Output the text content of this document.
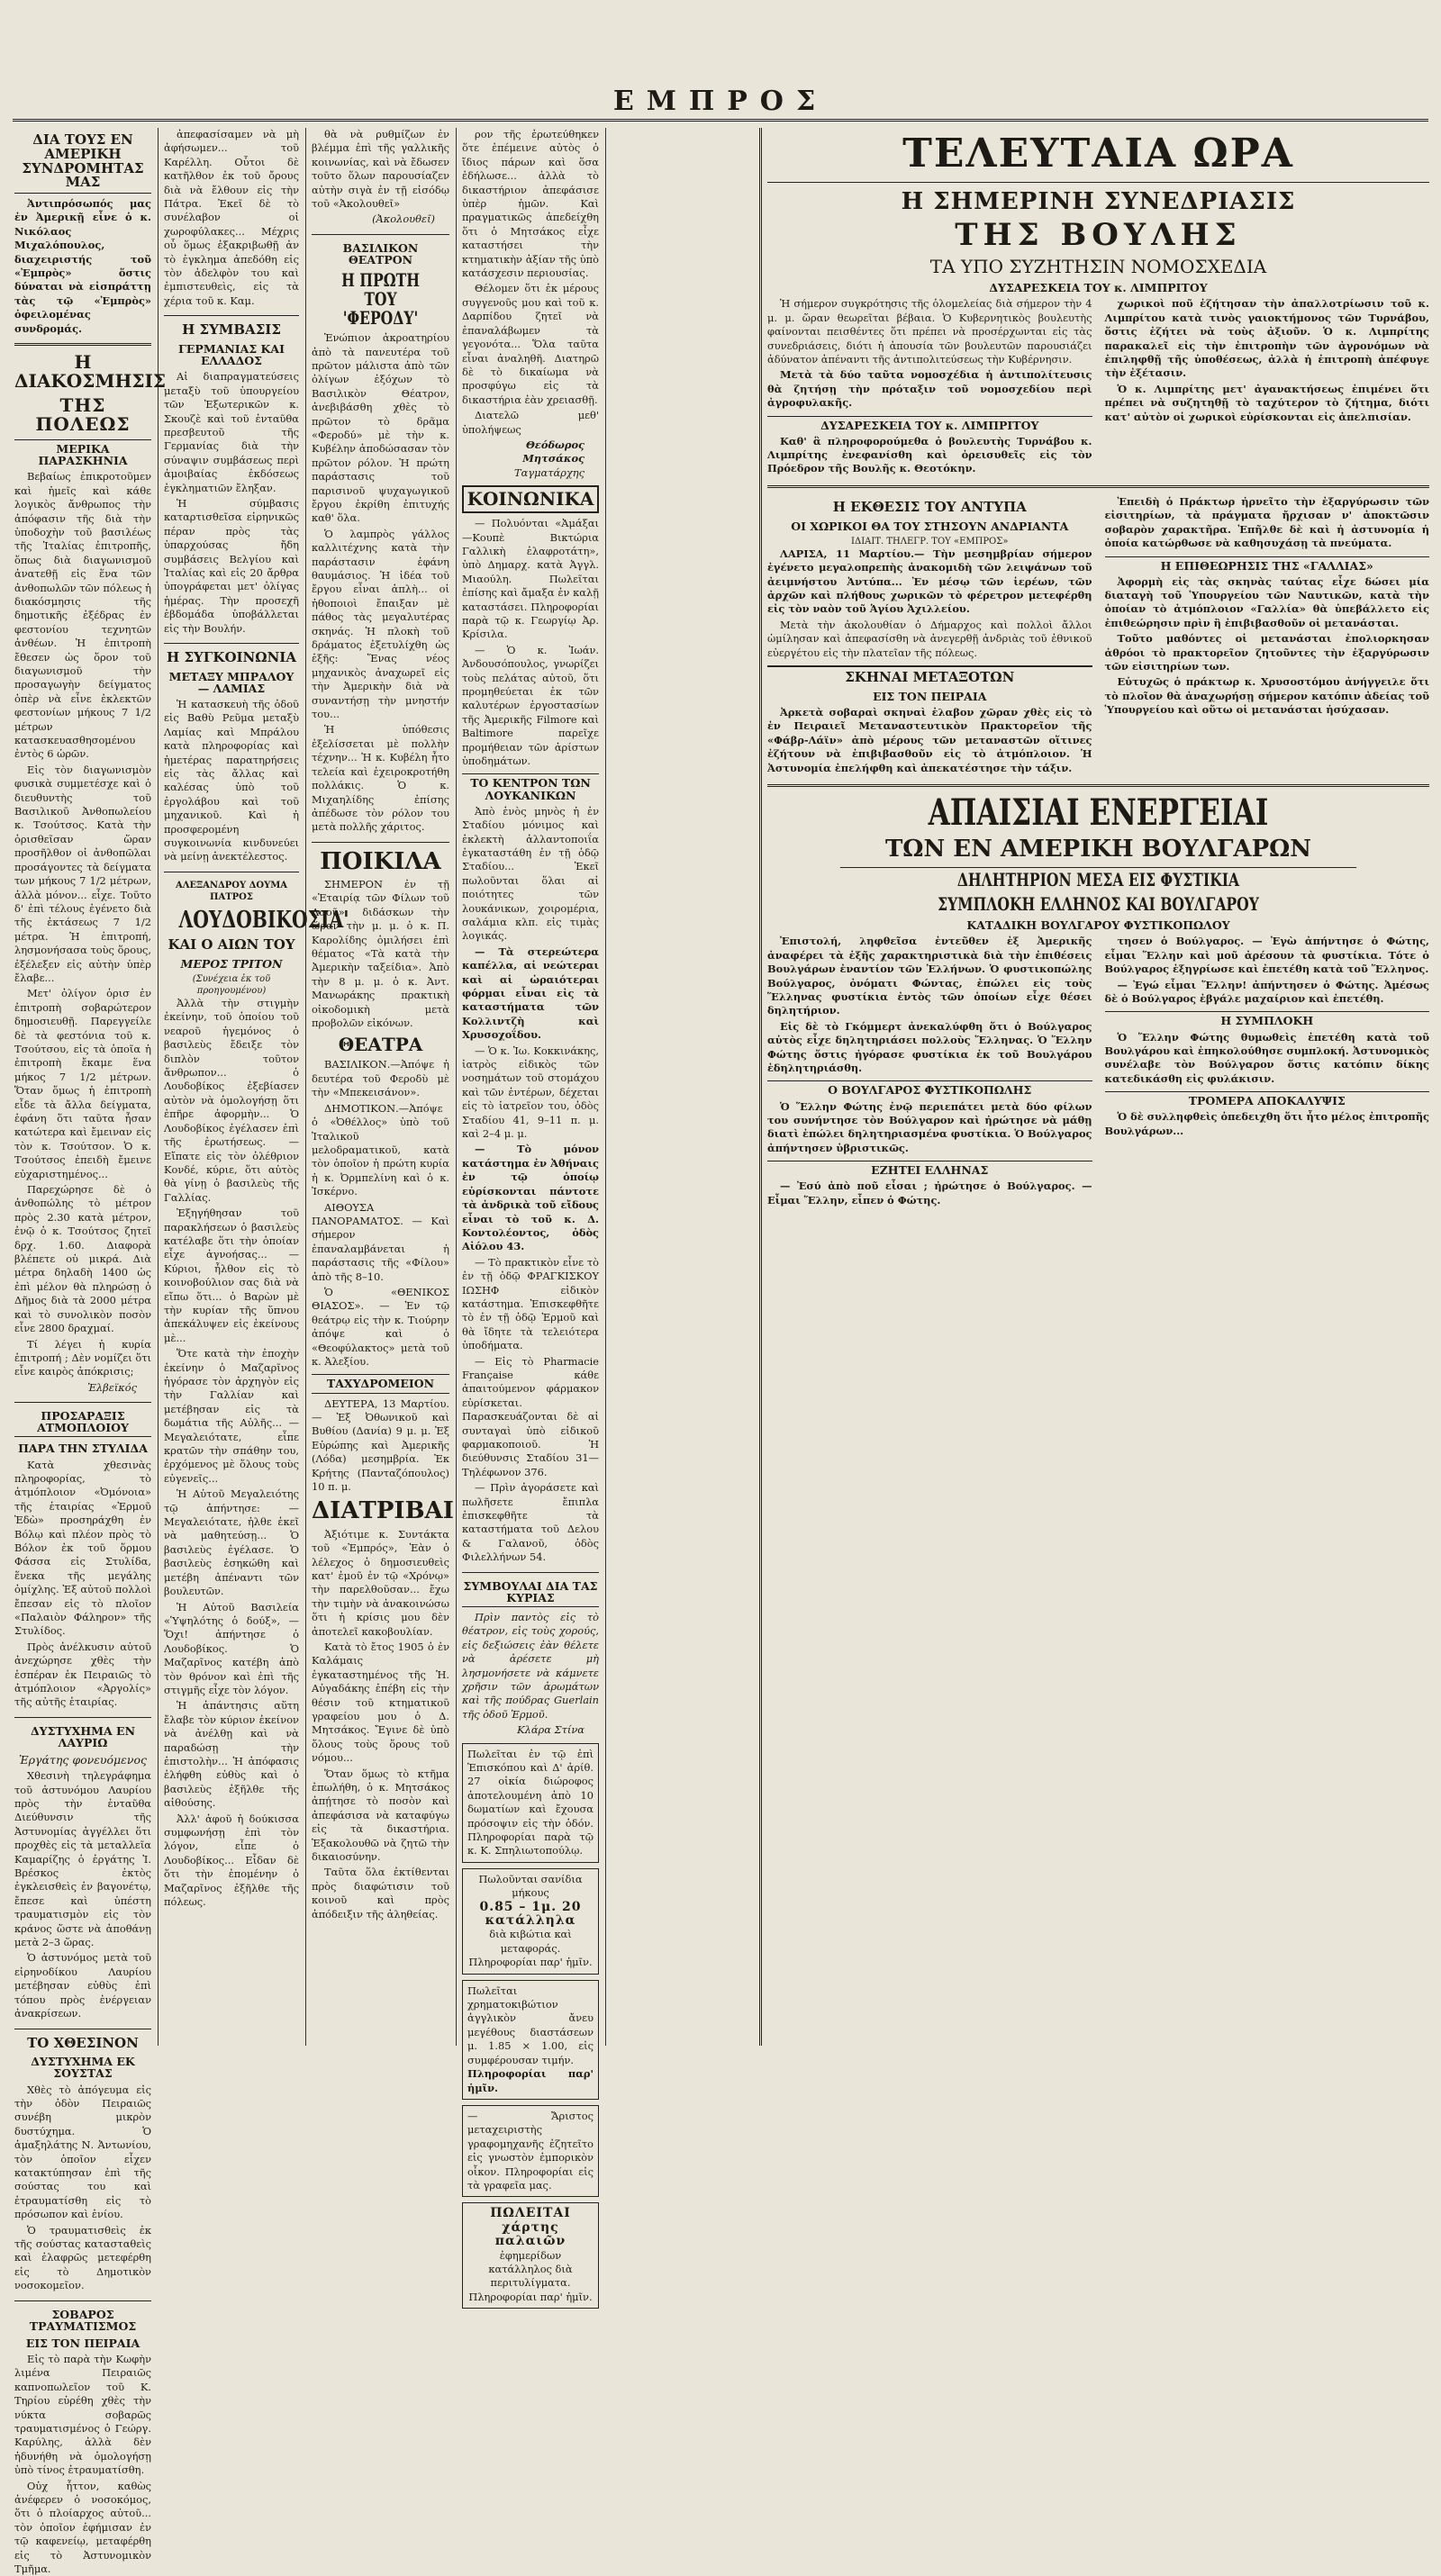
ΕΜΠΡΟΣ
ΔΙΑ ΤΟΥΣ ΕΝ ΑΜΕΡΙΚΗ ΣΥΝΔΡΟΜΗΤΑΣ ΜΑΣ
Ἀντιπρόσωπός μας ἐν Ἀμερικῇ εἶνε ὁ κ. Νικόλαος Μιχαλόπουλος, διαχειριστής τοῦ «Ἐμπρὸς» ὅστις δύναται νὰ εἰσπράττῃ τὰς τῷ «Ἐμπρὸς» ὀφειλομένας συνδρομάς.
Η ΔΙΑΚΟΣΜΗΣΙΣ
ΤΗΣ ΠΟΛΕΩΣ
ΜΕΡΙΚΑ ΠΑΡΑΣΚΗΝΙΑ
Βεβαίως ἐπικροτοῦμεν καὶ ἡμεῖς καὶ κάθε λογικὸς ἄνθρωπος τὴν ἀπόφασιν τῆς διὰ τὴν ὑποδοχὴν τοῦ βασιλέως τῆς Ἰταλίας ἐπιτροπῆς, ὅπως διὰ διαγωνισμοῦ ἀνατεθῇ εἰς ἕνα τῶν ἀνθοπωλῶν τῶν πόλεως ἡ διακόσμησις τῆς δημοτικῆς ἐξέδρας ἐν φεστονίου τεχνητῶν ἀνθέων. Ἡ ἐπιτροπὴ ἔθεσεν ὡς ὅρον τοῦ διαγωνισμοῦ τὴν προσαγωγὴν δείγματος ὁπὲρ νὰ εἶνε ἐκλεκτῶν φεστονίων μήκους 7 1/2 μέτρων κατασκευασθησομένου ἐντὸς 6 ὡρῶν.
Εἰς τὸν διαγωνισμὸν φυσικὰ συμμετέσχε καὶ ὁ διευθυντὴς τοῦ Βασιλικοῦ Ἀνθοπωλείου κ. Τσούτσος. Κατὰ τὴν ὁρισθεῖσαν ὥραν προσῆλθον οἱ ἀνθοπῶλαι προσάγοντες τὰ δείγματα των μήκους 7 1/2 μέτρων, ἀλλὰ μόνον... εἶχε. Τοῦτο δ' ἐπὶ τέλους ἐγένετο διὰ τῆς ἐκτάσεως 7 1/2 μέτρα. Ἡ ἐπιτροπή, λησμονήσασα τοὺς ὅρους, ἐξέλεξεν εἰς αὐτὴν ὑπὲρ ἔλαβε...
Μετ' ὀλίγον ὁρισ ἐν ἐπιτροπὴ σοβαρώτερον δημοσιευθῇ. Παρεγγείλε δὲ τὰ φεστόνια τοῦ κ. Τσούτσου, εἰς τὰ ὁποῖα ἡ ἐπιτροπὴ ἔκαμε ἕνα μήκος 7 1/2 μέτρων. Ὅταν ὅμως ἡ ἐπιτροπὴ εἶδε τὰ ἄλλα δείγματα, ἐφάνη ὅτι ταῦτα ἦσαν κατώτερα καὶ ἔμειναν εἰς τὸν κ. Τσούτσον. Ὁ κ. Τσούτσος ἐπειδὴ ἔμεινε εὐχαριστημένος...
Παρεχώρησε δὲ ὁ ἀνθοπώλης τὸ μέτρον πρὸς 2.30 κατὰ μέτρον, ἐνῷ ὁ κ. Τσούτσος ζητεῖ δρχ. 1.60. Διαφορὰ βλέπετε οὐ μικρά. Διὰ μέτρα δηλαδὴ 1400 ὡς ἐπὶ μέλον θὰ πληρώσῃ ὁ Δῆμος διὰ τὰ 2000 μέτρα καὶ τὸ συνολικὸν ποσὸν εἶνε 2800 δραχμαί.
Τί λέγει ἡ κυρία ἐπιτροπή ; Δὲν νομίζει ὅτι εἶνε καιρὸς ἀπόκρισις;
Ἐλβεϊκός
ΠΡΟΣΑΡΑΞΙΣ ΑΤΜΟΠΛΟΙΟΥ
ΠΑΡΑ ΤΗΝ ΣΤΥΛΙΔΑ
Κατὰ χθεσινὰς πληροφορίας, τὸ ἀτμόπλοιον «Ὀμόνοια» τῆς ἑταιρίας «Ἑρμοῦ Ἐδὼ» προσηράχθη ἐν Βόλῳ καὶ πλέον πρὸς τὸ Βόλον ἐκ τοῦ ὅρμου Φάσσα εἰς Στυλίδα, ἕνεκα τῆς μεγάλης ὁμίχλης. Ἐξ αὐτοῦ πολλοὶ ἔπεσαν εἰς τὸ πλοῖον «Παλαιὸν Φάληρον» τῆς Στυλίδος.
Πρὸς ἀνέλκυσιν αὐτοῦ ἀνεχώρησε χθὲς τὴν ἑσπέραν ἐκ Πειραιῶς τὸ ἀτμόπλοιον «Ἀργολίς» τῆς αὐτῆς ἑταιρίας.
ΔΥΣΤΥΧΗΜΑ ΕΝ ΛΑΥΡΙΩ
Ἐργάτης φονευόμενος
Χθεσινὴ τηλεγράφημα τοῦ ἀστυνόμου Λαυρίου πρὸς τὴν ἐνταῦθα Διεύθυνσιν τῆς Ἀστυνομίας ἀγγέλλει ὅτι προχθὲς εἰς τὰ μεταλλεῖα Καμαρίζης ὁ ἐργάτης Ἰ. Βρέσκος ἐκτὸς ἐγκλεισθεὶς ἐν βαγονέτῳ, ἔπεσε καὶ ὑπέστη τραυματισμὸν εἰς τὸν κράνος ὥστε νὰ ἀποθάνῃ μετὰ 2–3 ὥρας.
Ὁ ἀστυνόμος μετὰ τοῦ εἰρηνοδίκου Λαυρίου μετέβησαν εὐθὺς ἐπὶ τόπου πρὸς ἐνέργειαν ἀνακρίσεων.
ΤΟ ΧΘΕΣΙΝΟΝ
ΔΥΣΤΥΧΗΜΑ ΕΚ ΣΟΥΣΤΑΣ
Χθὲς τὸ ἀπόγευμα εἰς τὴν ὁδὸν Πειραιῶς συνέβη μικρὸν δυστύχημα. Ὁ ἁμαξηλάτης Ν. Ἀντωνίου, τὸν ὁποῖον εἶχεν κατακτύπησαν ἐπὶ τῆς σούστας του καὶ ἐτραυματίσθη εἰς τὸ πρόσωπον καὶ ἐνίου.
Ὁ τραυματισθεὶς ἐκ τῆς σούστας κατασταθεὶς καὶ ἐλαφρῶς μετεφέρθη εἰς τὸ Δημοτικὸν νοσοκομεῖον.
ΣΟΒΑΡΟΣ ΤΡΑΥΜΑΤΙΣΜΟΣ
ΕΙΣ ΤΟΝ ΠΕΙΡΑΙΑ
Εἰς τὸ παρὰ τὴν Κωφὴν λιμένα Πειραιῶς καπνοπωλεῖον τοῦ Κ. Τηρίου εὑρέθη χθὲς τὴν νύκτα σοβαρῶς τραυματισμένος ὁ Γεώργ. Καρύλης, ἀλλὰ δὲν ἠδυνήθη νὰ ὁμολογήσῃ ὑπὸ τίνος ἐτραυματίσθη.
Οὐχ ἧττον, καθὼς ἀνέφερεν ὁ νοσοκόμος, ὅτι ὁ πλοίαρχος αὐτοῦ... τὸν ὁποῖον ἐφήμισαν ἐν τῷ καφενείῳ, μεταφέρθη εἰς τὸ Ἀστυνομικὸν Τμῆμα.
ἀπεφασίσαμεν νὰ μὴ ἀφήσωμεν... τοῦ Καρέλλη. Οὗτοι δὲ κατῆλθον ἐκ τοῦ ὄρους διὰ νὰ ἔλθουν εἰς τὴν Πάτρα. Ἐκεῖ δὲ τὸ συνέλαβον οἱ χωροφύλακες... Μέχρις οὗ ὅμως ἐξακριβωθῇ ἀν τὸ ἐγκλημα ἀπεδόθη εἰς τὸν ἀδελφὸν του καὶ ἐμπιστευθεὶς, εἰς τὰ χέρια τοῦ κ. Καμ.
Η ΣΥΜΒΑΣΙΣ
ΓΕΡΜΑΝΙΑΣ ΚΑΙ ΕΛΛΑΔΟΣ
Αἱ διαπραγματεύσεις μεταξὺ τοῦ ὑπουργείου τῶν Ἐξωτερικῶν κ. Σκουζὲ καὶ τοῦ ἐνταῦθα πρεσβευτοῦ τῆς Γερμανίας διὰ τὴν σύναψιν συμβάσεως περὶ ἀμοιβαίας ἐκδόσεως ἐγκληματιῶν ἔληξαν.
Ἡ σύμβασις καταρτισθεῖσα εἰρηνικῶς πέραν πρὸς τὰς ὑπαρχούσας ἤδη συμβάσεις Βελγίου καὶ Ἰταλίας καὶ εἰς 20 ἄρθρα ὑπογράφεται μετ' ὀλίγας ἡμέρας. Τὴν προσεχῆ ἑβδομάδα ὑποβάλλεται εἰς τὴν Βουλήν.
Η ΣΥΓΚΟΙΝΩΝΙΑ
ΜΕΤΑΞΥ ΜΠΡΑΛΟΥ — ΛΑΜΙΑΣ
Ἡ κατασκευὴ τῆς ὁδοῦ εἰς Βαθὺ Ρεῦμα μεταξὺ Λαμίας καὶ Μπράλου κατὰ πληροφορίας καὶ ἡμετέρας παρατηρήσεις εἰς τὰς ἄλλας καὶ καλέσας ὑπὸ τοῦ ἐργολάβου καὶ τοῦ μηχανικοῦ. Καὶ ἡ προσφερομένη συγκοινωνία κινδυνεύει νὰ μείνῃ ἀνεκτέλεστος.
ΑΛΕΞΑΝΔΡΟΥ ΔΟΥΜΑ ΠΑΤΡΟΣ
ΛΟΥΔΟΒΙΚΟΣΙΑ'
ΚΑΙ Ο ΑΙΩΝ ΤΟΥ
ΜΕΡΟΣ ΤΡΙΤΟΝ
(Συνέχεια ἐκ τοῦ προηγουμένου)
Ἀλλὰ τὴν στιγμὴν ἐκείνην, τοῦ ὁποίου τοῦ νεαροῦ ἡγεμόνος ὁ βασιλεὺς ἔδειξε τὸν διπλὸν τοῦτον ἄνθρωπον... ὁ Λουδοβίκος ἐξεβίασεν αὐτὸν νὰ ὁμολογήσῃ ὅτι ἐπῆρε ἀφορμὴν... Ὁ Λουδοβίκος ἐγέλασεν ἐπὶ τῆς ἐρωτήσεως. — Εἴπατε εἰς τὸν ὀλέθριον Κονδέ, κύριε, ὅτι αὐτὸς θὰ γίνῃ ὁ βασιλεὺς τῆς Γαλλίας.
Ἐξηγήθησαν τοῦ παρακλήσεων ὁ βασιλεὺς κατέλαβε ὅτι τὴν ὁποίαν εἶχε ἀγνοήσας... — Κύριοι, ἦλθον εἰς τὸ κοινοβούλιον σας διὰ νὰ εἴπω ὅτι... ὁ Βαρὼν μὲ τὴν κυρίαν τῆς ὕπνου ἀπεκάλυψεν εἰς ἐκείνους μὲ...
Ὅτε κατὰ τὴν ἐποχὴν ἐκείνην ὁ Μαζαρῖνος ἠγόρασε τὸν ἀρχηγὸν εἰς τὴν Γαλλίαν καὶ μετέβησαν εἰς τὰ δωμάτια τῆς Αὐλῆς... — Μεγαλειότατε, εἶπε κρατῶν τὴν σπάθην του, ἐρχόμενος μὲ ὅλους τοὺς εὐγενεῖς...
Ἡ Αὐτοῦ Μεγαλειότης τῷ ἀπήντησε: — Μεγαλειότατε, ἠλθε ἐκεῖ νὰ μαθητεύσῃ... Ὁ βασιλεὺς ἐγέλασε. Ὁ βασιλεὺς ἐσηκώθη καὶ μετέβη ἀπέναντι τῶν βουλευτῶν.
Ἡ Αὐτοῦ Βασιλεία «Ὑψηλότης ὁ δούξ», — Ὅχι! ἀπήντησε ὁ Λουδοβίκος. Ὁ Μαζαρῖνος κατέβη ἀπὸ τὸν θρόνον καὶ ἐπὶ τῆς στιγμῆς εἶχε τὸν λόγον.
Ἡ ἀπάντησις αὕτη ἔλαβε τὸν κύριον ἐκείνον νὰ ἀνέλθῃ καὶ νὰ παραδώσῃ τὴν ἐπιστολὴν... Ἡ ἀπόφασις ἐλήφθη εὐθὺς καὶ ὁ βασιλεὺς ἐξῆλθε τῆς αἰθούσης.
Ἀλλ' ἀφοῦ ἡ δούκισσα συμφωνήσῃ ἐπὶ τὸν λόγον, εἶπε ὁ Λουδοβίκος... Εἶδαν δὲ ὅτι τὴν ἐπομένην ὁ Μαζαρῖνος ἐξῆλθε τῆς πόλεως.
θὰ νὰ ρυθμίζων ἐν βλέμμα ἐπὶ τῆς γαλλικῆς κοινωνίας, καὶ νὰ ἔδωσεν τοῦτο ὅλων παρουσίαζεν αὐτὴν σιγὰ ἐν τῇ εἰσόδῳ τοῦ «Ἀκολουθεῖ»
(Ἀκολουθεῖ)
ΒΑΣΙΛΙΚΟΝ ΘΕΑΤΡΟΝ
Η ΠΡΩΤΗ ΤΟΥ 'ΦΕΡΟΔΥ'
Ἑνώπιον ἀκροατηρίου ἀπὸ τὰ πανευτέρα τοῦ πρῶτον μάλιστα ἀπὸ τῶν ὀλίγων ἐξόχων τὸ Βασιλικὸν Θέατρον, ἀνεβιβάσθη χθὲς τὸ πρῶτον τὸ δρᾶμα «Φεροδύ» μὲ τὴν κ. Κυβέλην ἀποδώσασαν τὸν πρῶτον ρόλον. Ἡ πρώτη παράστασις τοῦ παρισινοῦ ψυχαγωγικοῦ ἔργου ἐκρίθη ἐπιτυχής καθ' ὅλα.
Ὁ λαμπρὸς γάλλος καλλιτέχνης κατὰ τὴν παράστασιν ἐφάνη θαυμάσιος. Ἡ ἰδέα τοῦ ἔργου εἶναι ἁπλὴ... οἱ ἠθοποιοὶ ἔπαιξαν μὲ πάθος τὰς μεγαλυτέρας σκηνάς. Ἡ πλοκὴ τοῦ δράματος ἐξετυλίχθη ὡς ἑξῆς: Ἕνας νέος μηχανικὸς ἀναχωρεῖ εἰς τὴν Ἀμερικὴν διὰ νὰ συναντήσῃ τὴν μνηστήν του...
Ἡ ὑπόθεσις ἐξελίσσεται μὲ πολλὴν τέχνην... Ἡ κ. Κυβέλη ἦτο τελεία καὶ ἐχειροκροτήθη πολλάκις. Ὁ κ. Μιχαηλίδης ἐπίσης ἀπέδωσε τὸν ρόλον του μετὰ πολλῆς χάριτος.
ΠΟΙΚΙΛΑ
ΣΗΜΕΡΟΝ ἐν τῇ «Ἑταιρίᾳ τῶν Φίλων τοῦ Λαοῦ» διδάσκων τὴν ὥραν τὴν μ. μ. ὁ κ. Π. Καρολίδης ὁμιλήσει ἐπὶ θέματος «Τὰ κατὰ τὴν Ἀμερικὴν ταξείδια». Ἀπὸ τὴν 8 μ. μ. ὁ κ. Ἀντ. Μανωράκης πρακτικὴ οἰκοδομικὴ μετὰ προβολῶν εἰκόνων.
ΘΕΑΤΡΑ
ΒΑΣΙΛΙΚΟΝ.—Ἀπόψε ἡ δευτέρα τοῦ Φεροδὺ μὲ τὴν «Μπεκεισάνον».
ΔΗΜΟΤΙΚΟΝ.—Ἀπόψε ὁ «Ὀθέλλος» ὑπὸ τοῦ Ἰταλικοῦ μελοδραματικοῦ, κατὰ τὸν ὁποῖον ἡ πρώτη κυρία ἡ κ. Ὀρμπελίνη καὶ ὁ κ. Ἰσκέρνο.
ΑΙΘΟΥΣΑ ΠΑΝΟΡΑΜΑΤΟΣ. — Καὶ σήμερον ἐπαναλαμβάνεται ἡ παράστασις τῆς «Φίλου» ἀπὸ τῆς 8–10.
Ὁ «ΘΕΝΙΚΟΣ ΘΙΑΣΟΣ». — Ἐν τῷ θεάτρῳ εἰς τὴν κ. Τιούρην ἀπόψε καὶ ὁ «Θεοφύλακτος» μετὰ τοῦ κ. Ἀλεξίου.
ΤΑΧΥΔΡΟΜΕΙΟΝ
ΔΕΥΤΕΡΑ, 13 Μαρτίου.— Ἐξ Ὀθωνικοῦ καὶ Βυθίου (Δανία) 9 μ. μ. Ἐξ Εὐρώπης καὶ Ἀμερικῆς (Λόδα) μεσημβρία. Ἐκ Κρήτης (Πανταζόπουλος) 10 π. μ.
ΔΙΑΤΡΙΒΑΙ
Ἀξιότιμε κ. Συντάκτα τοῦ «Ἐμπρός», Ἐὰν ὁ λέλεχος ὁ δημοσιευθεὶς κατ' ἐμοῦ ἐν τῷ «Χρόνῳ» τὴν παρελθοῦσαν... ἔχω τὴν τιμὴν νὰ ἀνακοινώσω ὅτι ἡ κρίσις μου δὲν ἀποτελεῖ κακοβουλίαν.
Κατὰ τὸ ἔτος 1905 ὁ ἐν Καλάμαις ἐγκαταστημένος τῆς Ἡ. Αὐγαδάκης ἐπέβη εἰς τὴν θέσιν τοῦ κτηματικοῦ γραφείου μου ὁ Δ. Μητσάκος. Ἔγινε δὲ ὑπὸ ὅλους τοὺς ὅρους τοῦ νόμου...
Ὅταν ὅμως τὸ κτῆμα ἐπωλήθη, ὁ κ. Μητσάκος ἀπῄτησε τὸ ποσὸν καὶ ἀπεφάσισα νὰ καταφύγω εἰς τὰ δικαστήρια. Ἐξακολουθῶ νὰ ζητῶ τὴν δικαιοσύνην.
Ταῦτα ὅλα ἐκτίθενται πρὸς διαφώτισιν τοῦ κοινοῦ καὶ πρὸς ἀπόδειξιν τῆς ἀληθείας.
ρον τῆς ἐρωτεύθηκεν ὅτε ἐπέμεινε αὐτὸς ὁ ἴδιος πάρων καὶ ὅσα ἐδήλωσε... ἀλλὰ τὸ δικαστήριον ἀπεφάσισε ὑπὲρ ἡμῶν. Καὶ πραγματικῶς ἀπεδείχθη ὅτι ὁ Μητσάκος εἶχε καταστήσει τὴν κτηματικὴν ἀξίαν τῆς ὑπὸ κατάσχεσιν περιουσίας.
Θέλομεν ὅτι ἐκ μέρους συγγενοῦς μου καὶ τοῦ κ. Δαρπίδου ζητεῖ νὰ ἐπαναλάβωμεν τὰ γεγονότα... Ὅλα ταῦτα εἶναι ἀναληθῆ. Διατηρῶ δὲ τὸ δικαίωμα νὰ προσφύγω εἰς τὰ δικαστήρια ἐὰν χρειασθῇ.
Διατελῶ μεθ' ὑπολήψεως
Θεόδωρος Μητσάκος
Ταγματάρχης
ΚΟΙΝΩΝΙΚΑ
— Πολυόνται «Ἀμάξαι—Κουπὲ Βικτώρια Γαλλικὴ ἐλαφροτάτη», ὑπὸ Δημαρχ. κατὰ Ἀγγλ. Μιαούλη. Πωλεῖται ἐπίσης καὶ ἄμαξα ἐν καλῇ καταστάσει. Πληροφορίαι παρὰ τῷ κ. Γεωργίῳ Ἀρ. Κρίσιλα.
— Ὁ κ. Ἰωάν. Ἀνδουσόπουλος, γνωρίζει τοὺς πελάτας αὐτοῦ, ὅτι προμηθεύεται ἐκ τῶν καλυτέρων ἐργοστασίων τῆς Ἀμερικῆς Filmore καὶ Baltimore παρεῖχε προμήθειαν τῶν ἀρίστων ὑποδημάτων.
ΤΟ ΚΕΝΤΡΟΝ ΤΩΝ ΛΟΥΚΑΝΙΚΩΝ
Ἀπὸ ἑνὸς μηνὸς ἡ ἐν Σταδίου μόνιμος καὶ ἐκλεκτὴ ἀλλαντοποιΐα ἐγκαταστάθη ἐν τῇ ὁδῷ Σταδίου... Ἐκεῖ πωλοῦνται ὅλαι αἱ ποιότητες τῶν λουκάνικων, χοιρομέρια, σαλάμια κλπ. εἰς τιμὰς λογικάς.
— Τὰ στερεώτερα καπέλλα, αἱ νεώτεραι καὶ αἱ ὡραιότεραι φόρμαι εἶναι εἰς τὰ καταστήματα τῶν Κολλιντζὴ καὶ Χρυσοχοΐδου.
— Ὁ κ. Ἰω. Κοκκινάκης, ἰατρὸς εἰδικὸς τῶν νοσημάτων τοῦ στομάχου καὶ τῶν ἐντέρων, δέχεται εἰς τὸ ἰατρεῖον του, ὁδὸς Σταδίου 41, 9–11 π. μ. καὶ 2–4 μ. μ.
— Τὸ μόνον κατάστημα ἐν Ἀθήναις ἐν τῷ ὁποίῳ εὑρίσκονται πάντοτε τὰ ἀνδρικὰ τοῦ εἴδους εἶναι τὸ τοῦ κ. Δ. Κοντολέοντος, ὁδὸς Αἰόλου 43.
— Τὸ πρακτικὸν εἶνε τὸ ἐν τῇ ὁδῷ ΦΡΑΓΚΙΣΚΟΥ ΙΩΣΗΦ εἰδικὸν κατάστημα. Ἐπισκεφθῆτε τὸ ἐν τῇ ὁδῷ Ἑρμοῦ καὶ θὰ ἴδητε τὰ τελειότερα ὑποδήματα.
— Εἰς τὸ Pharmacie Française κάθε ἀπαιτούμενον φάρμακον εὑρίσκεται. Παρασκευάζονται δὲ αἱ συνταγαὶ ὑπὸ εἰδικοῦ φαρμακοποιοῦ. Ἡ διεύθυνσις Σταδίου 31—Τηλέφωνον 376.
— Πρὶν ἀγοράσετε καὶ πωλῆσετε ἔπιπλα ἐπισκεφθῆτε τὰ καταστήματα τοῦ Δελου & Γαλανοῦ, ὁδὸς Φιλελλήνων 54.
ΣΥΜΒΟΥΛΑΙ ΔΙΑ ΤΑΣ ΚΥΡΙΑΣ
Πρὶν παντὸς εἰς τὸ θέατρον, εἰς τοὺς χορούς, εἰς δεξιώσεις ἐὰν θέλετε νὰ ἀρέσετε μὴ λησμονήσετε νὰ κάμνετε χρῆσιν τῶν ἀρωμάτων καὶ τῆς πούδρας Guerlain τῆς ὁδοῦ Ἑρμοῦ.
Κλάρα Στίνα
Πωλεῖται ἐν τῷ ἐπὶ Ἐπισκόπου καὶ Δ' ἀρίθ. 27 οἰκία διώροφος ἀποτελουμένη ἀπὸ 10 δωματίων καὶ ἔχουσα πρόσοψιν εἰς τὴν ὁδόν. Πληροφορίαι παρὰ τῷ κ. Κ. Σπηλιωτοπούλῳ.
Πωλοῦνται σανίδια μήκους
0.85 – 1μ. 20 κατάλληλα
διὰ κιβώτια καὶ μεταφοράς. Πληροφορίαι παρ' ἡμῖν.
Πωλεῖται χρηματοκιβώτιον ἀγγλικὸν ἄνευ μεγέθους διαστάσεων μ. 1.85 × 1.00, εἰς συμφέρουσαν τιμήν.
Πληροφορίαι παρ' ἡμῖν.
— Ἄριστος μεταχειριστὴς γραφομηχανῆς ἐζητεῖτο εἰς γνωστὸν ἐμπορικὸν οἶκον. Πληροφορίαι εἰς τὰ γραφεῖα μας.
ΠΩΛΕΙΤΑΙ χάρτης παλαιῶν
ἐφημερίδων κατάλληλος διὰ περιτυλίγματα.
Πληροφορίαι παρ' ἡμῖν.
ΤΕΛΕΥΤΑΙΑ ΩΡΑ
Η ΣΗΜΕΡΙΝΗ ΣΥΝΕΔΡΙΑΣΙΣ
ΤΗΣ ΒΟΥΛΗΣ
ΤΑ ΥΠΟ ΣΥΖΗΤΗΣΙΝ ΝΟΜΟΣΧΕΔΙΑ
ΔΥΣΑΡΕΣΚΕΙΑ ΤΟΥ κ. ΛΙΜΠΡΙΤΟΥ
Ἡ σήμερον συγκρότησις τῆς ὁλομελείας διὰ σήμερον τὴν 4 μ. μ. ὥραν θεωρεῖται βέβαια. Ὁ Κυβερνητικὸς βουλευτὴς φαίνονται πεισθέντες ὅτι πρέπει νὰ προσέρχωνται εἰς τὰς συνεδριάσεις, διότι ἡ ἀπουσία τῶν βουλευτῶν παρουσιάζει ἀδύνατον ἀπέναντι τῆς ἀντιπολιτεύσεως τὴν Κυβέρνησιν.
Μετὰ τὰ δύο ταῦτα νομοσχέδια ἡ ἀντιπολίτευσις θὰ ζητήσῃ τὴν πρόταξιν τοῦ νομοσχεδίου περὶ ἀγροφυλακῆς.
ΔΥΣΑΡΕΣΚΕΙΑ ΤΟΥ κ. ΛΙΜΠΡΙΤΟΥ
Καθ' ἃ πληροφορούμεθα ὁ βουλευτὴς Τυρνάβου κ. Λιμπρίτης ἐνεφανίσθη καὶ ὀρεισυθεῖς εἰς τὸν Πρόεδρον τῆς Βουλῆς κ. Θεοτόκην.
χωρικοὶ ποῦ ἐζήτησαν τὴν ἀπαλλοτρίωσιν τοῦ κ. Λιμπρίτου κατὰ τινὸς γαιοκτήμονος τῶν Τυρνάβου, ὅστις ἐζήτει νὰ τοὺς ἀξιοῦν. Ὁ κ. Λιμπρίτης παρακαλεῖ εἰς τὴν ἐπιτροπὴν τῶν ἀγρονόμων νὰ ἐπιληφθῇ τῆς ὑποθέσεως, ἀλλὰ ἡ ἐπιτροπὴ ἀπέφυγε τὴν ἐξέτασιν.
Ὁ κ. Λιμπρίτης μετ' ἀγανακτήσεως ἐπιμένει ὅτι πρέπει νὰ συζητηθῇ τὸ ταχύτερον τὸ ζήτημα, διότι κατ' αὐτὸν οἱ χωρικοὶ εὑρίσκονται εἰς ἀπελπισίαν.
Η ΕΚΘΕΣΙΣ ΤΟΥ ΑΝΤΥΠΑ
ΟΙ ΧΩΡΙΚΟΙ ΘΑ ΤΟΥ ΣΤΗΣΟΥΝ ΑΝΔΡΙΑΝΤΑ
ΙΔΙΑΙΤ. ΤΗΛΕΓΡ. ΤΟΥ «ΕΜΠΡΟΣ»
ΛΑΡΙΣΑ, 11 Μαρτίου.— Τὴν μεσημβρίαν σήμερον ἐγένετο μεγαλοπρεπὴς ἀνακομιδὴ τῶν λειψάνων τοῦ ἀειμνήστου Ἀντύπα... Ἐν μέσῳ τῶν ἱερέων, τῶν ἀρχῶν καὶ πλήθους χωρικῶν τὸ φέρετρον μετεφέρθη εἰς τὸν ναὸν τοῦ Ἁγίου Ἀχιλλείου.
Μετὰ τὴν ἀκολουθίαν ὁ Δήμαρχος καὶ πολλοὶ ἄλλοι ὡμίλησαν καὶ ἀπεφασίσθη νὰ ἀνεγερθῇ ἀνδριὰς τοῦ ἐθνικοῦ εὐεργέτου εἰς τὴν πλατεῖαν τῆς πόλεως.
ΣΚΗΝΑΙ ΜΕΤΑΞΟΤΩΝ
ΕΙΣ ΤΟΝ ΠΕΙΡΑΙΑ
Ἀρκετὰ σοβαραὶ σκηναὶ ἐλαβον χῶραν χθὲς εἰς τὸ ἐν Πειραιεῖ Μεταναστευτικὸν Πρακτορεῖον τῆς «Φάβρ-Λάϊν» ἀπὸ μέρους τῶν μεταναστῶν οἵτινες ἐζήτουν νὰ ἐπιβιβασθοῦν εἰς τὸ ἀτμόπλοιον. Ἡ Ἀστυνομία ἐπελήφθη καὶ ἀπεκατέστησε τὴν τάξιν.
Ἐπειδὴ ὁ Πράκτωρ ἠρνεῖτο τὴν ἐξαργύρωσιν τῶν εἰσιτηρίων, τὰ πράγματα ἤρχισαν ν' ἀποκτῶσιν σοβαρὸν χαρακτῆρα. Ἐπῆλθε δὲ καὶ ἡ ἀστυνομία ἡ ὁποία κατώρθωσε νὰ καθησυχάσῃ τὰ πνεύματα.
Η ΕΠΙΘΕΩΡΗΣΙΣ ΤΗΣ «ΓΑΛΛΙΑΣ»
Ἀφορμὴ εἰς τὰς σκηνὰς ταύτας εἶχε δώσει μία διαταγὴ τοῦ Ὑπουργείου τῶν Ναυτικῶν, κατὰ τὴν ὁποίαν τὸ ἀτμόπλοιον «Γαλλία» θὰ ὑπεβάλλετο εἰς ἐπιθεώρησιν πρὶν ἢ ἐπιβιβασθοῦν οἱ μετανάσται.
Τοῦτο μαθόντες οἱ μετανάσται ἐπολιορκησαν ἀθρόοι τὸ πρακτορεῖον ζητοῦντες τὴν ἐξαργύρωσιν τῶν εἰσιτηρίων των.
Εὐτυχῶς ὁ πράκτωρ κ. Χρυσοστόμου ἀνήγγειλε ὅτι τὸ πλοῖον θὰ ἀναχωρήσῃ σήμερον κατόπιν ἀδείας τοῦ Ὑπουργείου καὶ οὕτω οἱ μετανάσται ἡσύχασαν.
ΑΠΑΙΣΙΑΙ ΕΝΕΡΓΕΙΑΙ
ΤΩΝ ΕΝ ΑΜΕΡΙΚΗ ΒΟΥΛΓΑΡΩΝ
ΔΗΛΗΤΗΡΙΟΝ ΜΕΣΑ ΕΙΣ ΦΥΣΤΙΚΙΑ
ΣΥΜΠΛΟΚΗ ΕΛΛΗΝΟΣ ΚΑΙ ΒΟΥΛΓΑΡΟΥ
ΚΑΤΑΔΙΚΗ ΒΟΥΛΓΑΡΟΥ ΦΥΣΤΙΚΟΠΩΛΟΥ
Ἐπιστολή, ληφθεῖσα ἐντεῦθεν ἐξ Ἀμερικῆς ἀναφέρει τὰ ἑξῆς χαρακτηριστικὰ διὰ τὴν ἐπιθέσεις Βουλγάρων ἐναντίον τῶν Ἑλλήνων. Ὁ φυστικοπώλης Βούλγαρος, ὀνόματι Φώντας, ἐπώλει εἰς τοὺς Ἕλληνας φυστίκια ἐντὸς τῶν ὁποίων εἶχε θέσει δηλητήριον.
Εἰς δὲ τὸ Γκόμμερτ ἀνεκαλύφθη ὅτι ὁ Βούλγαρος αὐτὸς εἶχε δηλητηριάσει πολλοὺς Ἕλληνας. Ὁ Ἕλλην Φώτης ὅστις ἠγόρασε φυστίκια ἐκ τοῦ Βουλγάρου ἐδηλητηριάσθη.
Ο ΒΟΥΛΓΑΡΟΣ ΦΥΣΤΙΚΟΠΩΛΗΣ
Ὁ Ἕλλην Φώτης ἐνῷ περιεπάτει μετὰ δύο φίλων του συνήντησε τὸν Βούλγαρον καὶ ἠρώτησε νὰ μάθῃ διατὶ ἐπώλει δηλητηριασμένα φυστίκια. Ὁ Βούλγαρος ἀπήντησεν ὑβριστικῶς.
ΕΖΗΤΕΙ ΕΛΛΗΝΑΣ
— Ἐσύ ἀπὸ ποῦ εἶσαι ; ἠρώτησε ὁ Βούλγαρος. — Εἶμαι Ἕλλην, εἶπεν ὁ Φώτης.
τησεν ὁ Βούλγαρος. — Ἐγὼ ἀπήντησε ὁ Φώτης, εἶμαι Ἕλλην καὶ μοῦ ἀρέσουν τὰ φυστίκια. Τότε ὁ Βούλγαρος ἐξηγρίωσε καὶ ἐπετέθη κατὰ τοῦ Ἕλληνος.
— Ἐγώ εἶμαι Ἕλλην! ἀπήντησεν ὁ Φώτης. Ἀμέσως δὲ ὁ Βούλγαρος ἐβγάλε μαχαίριον καὶ ἐπετέθη.
Η ΣΥΜΠΛΟΚΗ
Ὁ Ἕλλην Φώτης θυμωθεὶς ἐπετέθη κατὰ τοῦ Βουλγάρου καὶ ἐπηκολούθησε συμπλοκή. Ἀστυνομικὸς συνέλαβε τὸν Βούλγαρον ὅστις κατόπιν δίκης κατεδικάσθη εἰς φυλάκισιν.
ΤΡΟΜΕΡΑ ΑΠΟΚΑΛΥΨΙΣ
Ὁ δὲ συλληφθεὶς ὁπεδειχθη ὅτι ἦτο μέλος ἐπιτροπῆς Βουλγάρων...
